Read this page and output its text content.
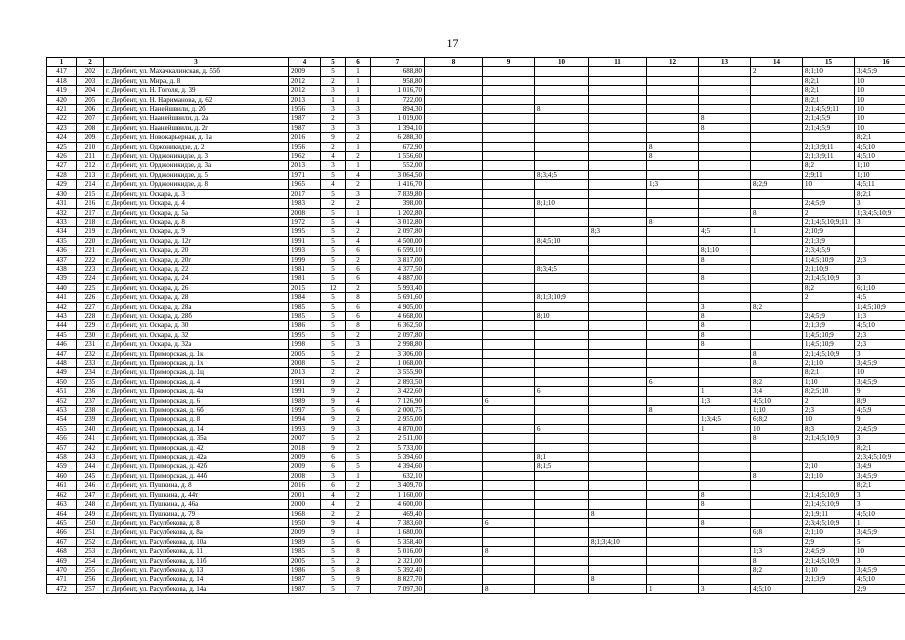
17
1	2	3	4	5	6	7	8	9	10	11	12	13	14	15	16
417	202	г. Дербент, ул. Махачкалинская, д. 55б	2009	5	1	688,80							2	8;1;10	3;4;5;9
418	203	г. Дербент, ул. Мира, д. 8	2012	2	1	958,80								8;2;1	10
419	204	г. Дербент, ул. Н. Гоголя, д. 39	2012	3	1	1 016,70								8;2;1	10
420	205	г. Дербент, ул. Н. Наримановa, д. 62	2013	1	1	722,00								8;2;1	10
421	206	г. Дербент, ул. Нанейшвили, д. 2б	1956	3	3	894,30			8					2;1;4;5;9;11	10
422	207	г. Дербент, ул. Наанейшвили, д. 2а	1987	2	3	1 019,00						8		2;1;4;5;9	10
423	208	г. Дербент, ул. Наанейшвили, д. 2г	1987	3	3	1 394,10						8		2;1;4;5;9	10
424	209	г. Дербент, ул. Новокарьерная, д. 1а	2016	9	2	6 288,30									8;2;1
425	210	г. Дербент, ул. Оджоникидзе, д. 2	1956	2	1	672,90					8			2;1;3;9;11	4;5;10
426	211	г. Дербент, ул. Орджоникидзе, д. 3	1962	4	2	1 556,60					8			2;1;3;9;11	4;5;10
427	212	г. Дербент, ул. Орджоникидзе, д. 3а	2013	3	1	552,00								8;2	1;10
428	213	г. Дербент, ул. Орджоникидзе, д. 5	1971	5	4	3 064,50			8;3;4;5					2;9;11	1;10
429	214	г. Дербент, ул. Орджоникидзе, д. 8	1965	4	2	1 416,70					1;3		8;2;9	10	4;5;11
430	215	г. Дербент, ул. Оскара, д. 3	2017	5	3	7 839,80									8;2;1
431	216	г. Дербент, ул. Оскара, д. 4	1983	2	2	398,00			8;1;10					2;4;5;9	3
432	217	г. Дербент, ул. Оскара, д. 5а	2008	5	1	1 202,80							8	2	1;3;4;5;10;9
433	218	г. Дербент, ул. Оскара, д. 8	1972	5	4	3 012,80					8			2;1;4;5;10;9;11	3
434	219	г. Дербент, ул. Оскара, д. 9	1995	5	2	2 097,80				8;3		4;5	1	2;10;9	
435	220	г. Дербент, ул. Оскара, д. 12г	1991	5	4	4 500,00			8;4;5;10					2;1;3;9	
436	221	г. Дербент, ул. Оскара, д. 20	1993	5	6	6 599,10						8;1;10		2;3;4;5;9	
437	222	г. Дербент, ул. Оскара, д. 20г	1999	5	2	3 817,00						8		1;4;5;10;9	2;3
438	223	г. Дербент, ул. Оскара, д. 22	1981	5	6	4 377,50			8;3;4;5					2;1;10;9	
439	224	г. Дербент, ул. Оскара, д. 24	1981	5	6	4 887,00						8		2;1;4;5;10;9	3
440	225	г. Дербент, ул. Оскара, д. 26	2015	12	2	5 993,40								8;2	6;1;10
441	226	г. Дербент, ул. Оскара, д. 28	1984	5	8	5 691,60			8;1;3;10;9					2	4;5
442	227	г. Дербент, ул. Оскара, д. 28а	1985	5	6	4 905,00						3	8;2		1;4;5;10;9
443	228	г. Дербент, ул. Оскара, д. 28б	1985	5	6	4 668,00			8;10			8		2;4;5;9	1;3
444	229	г. Дербент, ул. Оскара, д. 30	1986	5	8	6 362,50						8		2;1;3;9	4;5;10
445	230	г. Дербент, ул. Оскара, д. 32	1995	5	2	2 097,80						8		1;4;5;10;9	2;3
446	231	г. Дербент, ул. Оскара, д. 32а	1998	5	3	2 998,80						8		1;4;5;10;9	2;3
447	232	г. Дербент, ул. Приморская, д. 1к	2005	5	2	3 306,00							8	2;1;4;5;10;9	3
448	233	г. Дербент, ул. Приморская, д. 1х	2008	5	2	1 068,00							8	2;1;10	3;4;5;9
449	234	г. Дербент, ул. Приморская, д. 1ц	2013	2	2	3 555,90								8;2;1	10
450	235	г. Дербент, ул. Приморская, д. 4	1991	9	2	2 893,50					6		8;2	1;10	3;4;5;9
451	236	г. Дербент, ул. Приморская, д. 4а	1991	9	2	3 422,60			6			1	3;4	8;2;5;10	9
452	237	г. Дербент, ул. Приморская, д. 6	1989	9	4	7 126,90		6				1;3	4;5;10	2	8;9
453	238	г. Дербент, ул. Приморская, д. 6б	1997	5	6	2 000,75					8		1;10	2;3	4;5;9
454	239	г. Дербент, ул. Приморская, д. 8	1994	9	2	2 955,00						1;3;4;5	6;8;2	10	9
455	240	г. Дербент, ул. Приморская, д. 14	1993	9	3	4 870,00			6			1	10	8;3	2;4;5;9
456	241	г. Дербент, ул. Приморская, д. 35а	2007	5	2	2 511,00							8	2;1;4;5;10;9	3
457	242	г. Дербент, ул. Приморская, д. 42	2018	9	2	5 733,00									8;2;1
458	243	г. Дербент, ул. Приморская, д. 42а	2009	6	5	5 394,60			8;1						2;3;4;5;10;9
459	244	г. Дербент, ул. Приморская, д. 42б	2009	6	5	4 394,60			8;1;5					2;10	3;4;9
460	245	г. Дербент, ул. Приморская, д. 44б	2008	3	1	632,10							8	2;1;10	3;4;5;9
461	246	г. Дербент, ул. Пушкина, д. 8	2016	6	2	3 409,70									8;2;1
462	247	г. Дербент, ул. Пушкина, д. 44т	2001	4	2	1 160,00						8		2;1;4;5;10;9	3
463	248	г. Дербент, ул. Пушкина, д. 46а	2000	4	2	4 600,00						8		2;1;4;5;10;9	3
464	249	г. Дербент, ул. Пушкина, д. 79	1968	2	2	469,40				8				2;1;9;11	4;5;10
465	250	г. Дербент, ул. Расулбекова, д. 8	1950	9	4	7 383,60		6				8		2;3;4;5;10;9	1
466	251	г. Дербент, ул. Расулбекова, д. 8а	2009	9	1	1 680,00							6;8	2;1;10	3;4;5;9
467	252	г. Дербент, ул. Расулбекова, д. 10а	1989	5	6	5 358,40				8;1;3;4;10				2;9	5
468	253	г. Дербент, ул. Расулбекова, д. 11	1985	5	8	5 016,00		8					1;3	2;4;5;9	10
469	254	г. Дербент, ул. Расулбекова, д. 11б	2005	5	2	2 321,00							8	2;1;4;5;10;9	3
470	255	г. Дербент, ул. Расулбекова, д. 13	1986	5	8	5 392,40							8;2	1;10	3;4;5;9
471	256	г. Дербент, ул. Расулбекова, д. 14	1987	5	9	8 827,70				8				2;1;3;9	4;5;10
472	257	г. Дербент, ул. Расулбекова, д. 14а	1987	5	7	7 097,30		8			1	3	4;5;10		2;9
